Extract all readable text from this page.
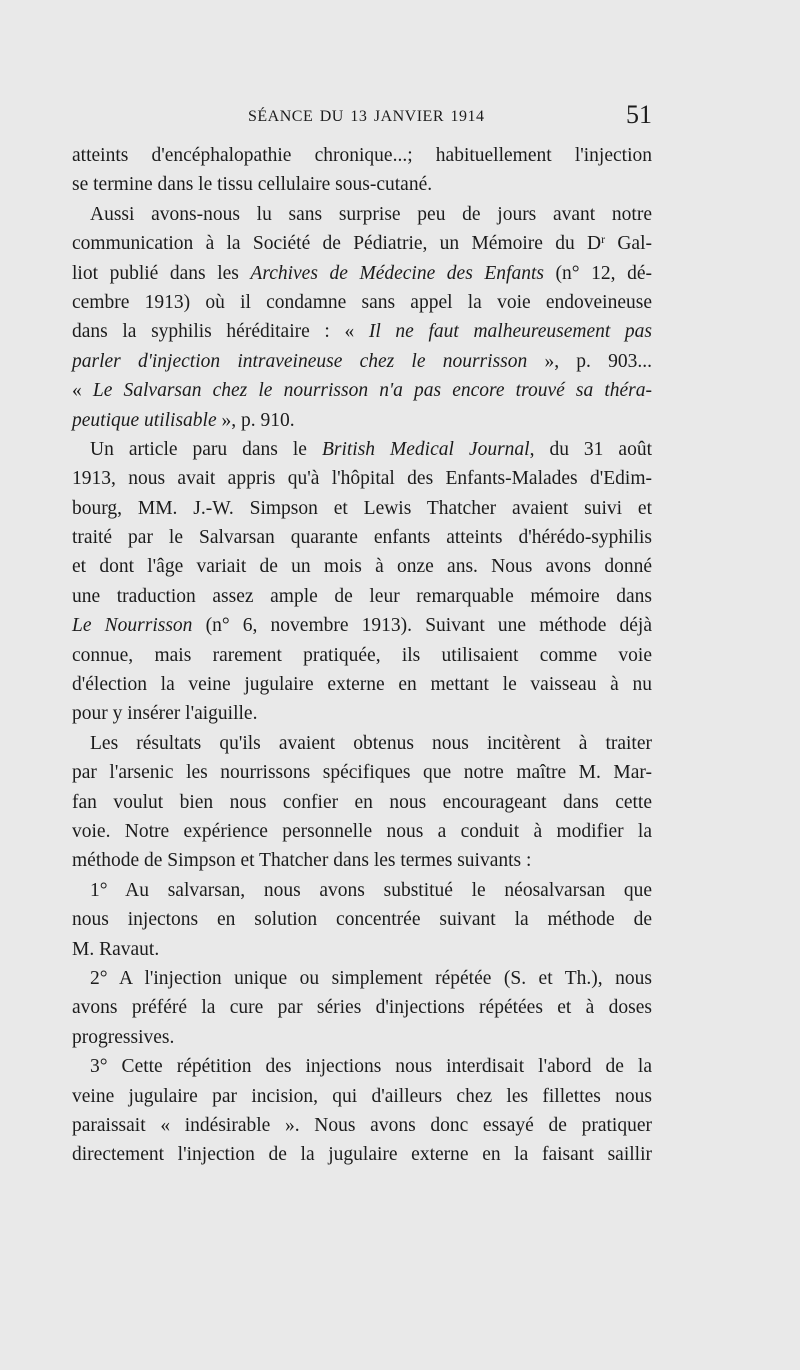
SÉANCE DU 13 JANVIER 1914	51
atteints d'encéphalopathie chronique...; habituellement l'injection
se termine dans le tissu cellulaire sous-cutané.
Aussi avons-nous lu sans surprise peu de jours avant notre
communication à la Société de Pédiatrie, un Mémoire du $D^r$ Gal-
liot publié dans les Archives de Médecine des Enfants (n° 12, dé-
cembre 1913) où il condamne sans appel la voie endoveineuse
dans la syphilis héréditaire : « Il ne faut malheureusement pas
parler d'injection intraveineuse chez le nourrisson », p. 903...
« Le Salvarsan chez le nourrisson n'a pas encore trouvé sa théra-
peutique utilisable », p. 910.
Un article paru dans le British Medical Journal, du 31 août
1913, nous avait appris qu'à l'hôpital des Enfants-Malades d'Edim-
bourg, MM. J.-W. Simpson et Lewis Thatcher avaient suivi et
traité par le Salvarsan quarante enfants atteints d'hérédo-syphilis
et dont l'âge variait de un mois à onze ans. Nous avons donné
une traduction assez ample de leur remarquable mémoire dans
Le Nourrisson (n° 6, novembre 1913). Suivant une méthode déjà
connue, mais rarement pratiquée, ils utilisaient comme voie
d'élection la veine jugulaire externe en mettant le vaisseau à nu
pour y insérer l'aiguille.
Les résultats qu'ils avaient obtenus nous incitèrent à traiter
par l'arsenic les nourrissons spécifiques que notre maître M. Mar-
fan voulut bien nous confier en nous encourageant dans cette
voie. Notre expérience personnelle nous a conduit à modifier la
méthode de Simpson et Thatcher dans les termes suivants :
1° Au salvarsan, nous avons substitué le néosalvarsan que
nous injectons en solution concentrée suivant la méthode de
M. Ravaut.
2° A l'injection unique ou simplement répétée (S. et Th.), nous
avons préféré la cure par séries d'injections répétées et à doses
progressives.
3° Cette répétition des injections nous interdisait l'abord de la
veine jugulaire par incision, qui d'ailleurs chez les fillettes nous
paraissait « indésirable ». Nous avons donc essayé de pratiquer
directement l'injection de la jugulaire externe en la faisant saillir
